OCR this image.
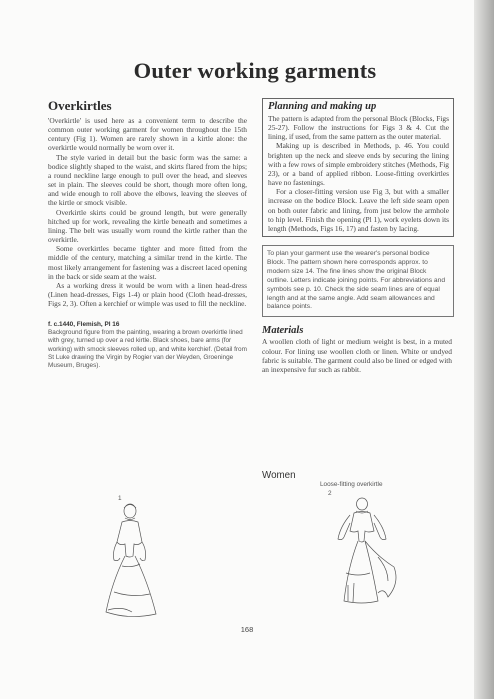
Outer working garments
Overkirtles

'Overkirtle' is used here as a convenient term to describe the common outer working garment for women throughout the 15th century (Fig 1). Women are rarely shown in a kirtle alone: the overkirtle would normally be worn over it.

The style varied in detail but the basic form was the same: a bodice slightly shaped to the waist, and skirts flared from the hips; a round neckline large enough to pull over the head, and sleeves set in plain. The sleeves could be short, though more often long, and wide enough to roll above the elbows, leaving the sleeves of the kirtle or smock visible.

Overkirtle skirts could be ground length, but were generally hitched up for work, revealing the kirtle beneath and sometimes a lining. The belt was usually worn round the kirtle rather than the overkirtle.

Some overkirtles became tighter and more fitted from the middle of the century, matching a similar trend in the kirtle. The most likely arrangement for fastening was a discreet laced opening in the back or side seam at the waist.

As a working dress it would be worn with a linen head-dress (Linen head-dresses, Figs 1-4) or plain hood (Cloth head-dresses, Figs 2, 3). Often a kerchief or wimple was used to fill the neckline.

f. c.1440, Flemish, Pl 16

Background figure from the painting, wearing a brown overkirtle lined with grey, turned up over a red kirtle. Black shoes, bare arms (for working) with smock sleeves rolled up, and white kerchief. (Detail from St Luke drawing the Virgin by Rogier van der Weyden, Groeninge Museum, Bruges).

1
Planning and making up

The pattern is adapted from the personal Block (Blocks, Figs 25-27). Follow the instructions for Figs 3 & 4. Cut the lining, if used, from the same pattern as the outer material.

Making up is described in Methods, p. 46. You could brighten up the neck and sleeve ends by securing the lining with a few rows of simple embroidery stitches (Methods, Fig 23), or a band of applied ribbon. Loose-fitting overkirtles have no fastenings.

For a closer-fitting version use Fig 3, but with a smaller increase on the bodice Block. Leave the left side seam open on both outer fabric and lining, from just below the armhole to hip level. Finish the opening (Pl 1), work eyelets down its length (Methods, Figs 16, 17) and fasten by lacing.

To plan your garment use the wearer's personal bodice Block. The pattern shown here corresponds approx. to modern size 14. The fine lines show the original Block outline. Letters indicate joining points. For abbreviations and symbols see p. 10. Check the side seam lines are of equal length and at the same angle. Add seam allowances and balance points.
Materials

A woollen cloth of light or medium weight is best, in a muted colour. For lining use woollen cloth or linen. White or undyed fabric is suitable. The garment could also be lined or edged with an inexpensive fur such as rabbit.

Women

Loose-fitting overkirtle
2
168
